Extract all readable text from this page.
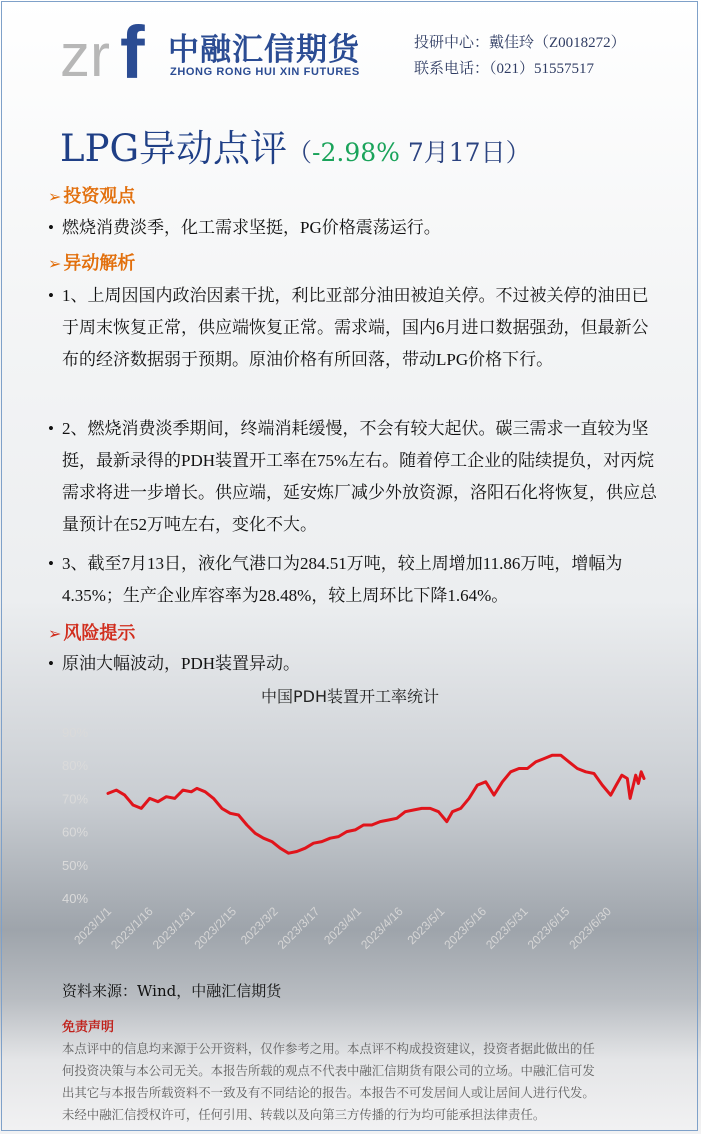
zr f 中融汇信期货
ZHONG RONG HUI XIN FUTURES
投研中心：戴佳玲（Z0018272）
联系电话：（021）51557517
LPG异动点评（-2.98% 7月17日）
➢ 投资观点
• 燃烧消费淡季，化工需求坚挺，PG价格震荡运行。
➢ 异动解析
• 1、上周因国内政治因素干扰，利比亚部分油田被迫关停。不过被关停的油田已于周末恢复正常，供应端恢复正常。需求端，国内6月进口数据强劲，但最新公布的经济数据弱于预期。原油价格有所回落，带动LPG价格下行。
• 2、燃烧消费淡季期间，终端消耗缓慢，不会有较大起伏。碳三需求一直较为坚挺，最新录得的PDH装置开工率在75%左右。随着停工企业的陆续提负，对丙烷需求将进一步增长。供应端，延安炼厂减少外放资源，洛阳石化将恢复，供应总量预计在52万吨左右，变化不大。
• 3、截至7月13日，液化气港口为284.51万吨，较上周增加11.86万吨，增幅为4.35%；生产企业库容率为28.48%，较上周环比下降1.64%。
➢ 风险提示
• 原油大幅波动，PDH装置异动。
中国PDH装置开工率统计
40%
50%
60%
70%
80%
90%
2023/1/1
2023/1/16
2023/1/31
2023/2/15
2023/3/2
2023/3/17
2023/4/1
2023/4/16
2023/5/1
2023/5/16
2023/5/31
2023/6/15
2023/6/30
资料来源：Wind，中融汇信期货
免责声明
本点评中的信息均来源于公开资料，仅作参考之用。本点评不构成投资建议，投资者据此做出的任
何投资决策与本公司无关。本报告所载的观点不代表中融汇信期货有限公司的立场。中融汇信可发
出其它与本报告所载资料不一致及有不同结论的报告。本报告不可发居间人或让居间人进行代发。
未经中融汇信授权许可，任何引用、转载以及向第三方传播的行为均可能承担法律责任。
